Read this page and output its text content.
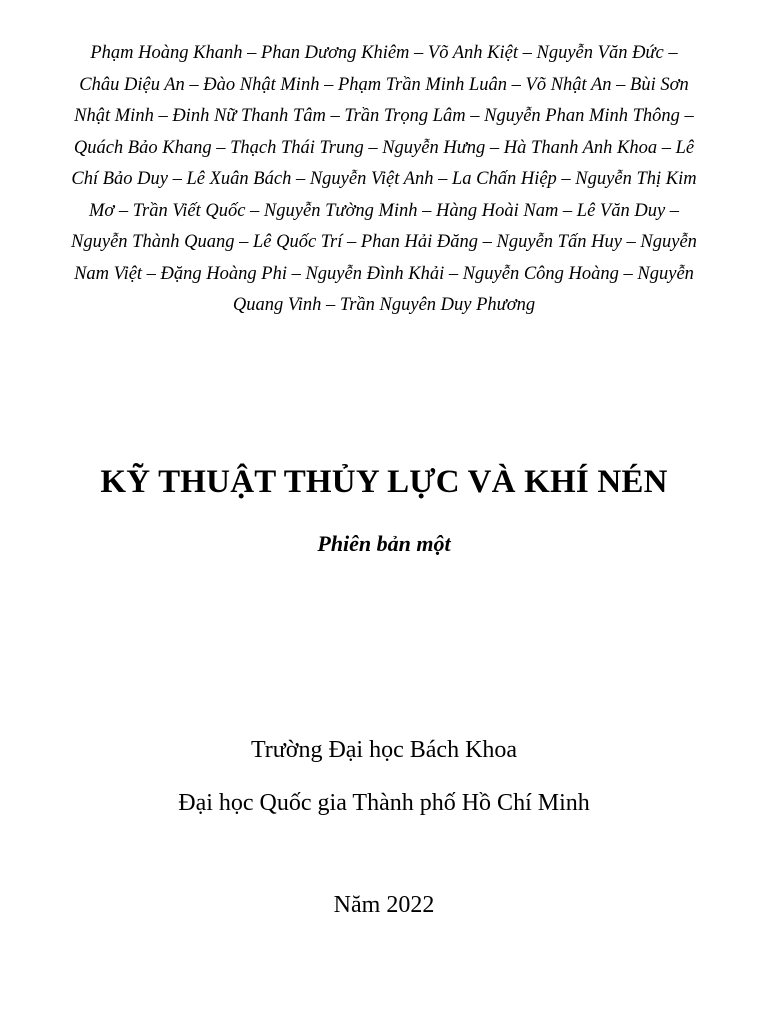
Phạm Hoàng Khanh – Phan Dương Khiêm – Võ Anh Kiệt – Nguyễn Văn Đức – Châu Diệu An – Đào Nhật Minh – Phạm Trần Minh Luân – Võ Nhật An – Bùi Sơn Nhật Minh – Đinh Nữ Thanh Tâm – Trần Trọng Lâm – Nguyễn Phan Minh Thông – Quách Bảo Khang – Thạch Thái Trung – Nguyễn Hưng – Hà Thanh Anh Khoa – Lê Chí Bảo Duy – Lê Xuân Bách – Nguyễn Việt Anh – La Chấn Hiệp – Nguyễn Thị Kim Mơ – Trần Viết Quốc – Nguyễn Tường Minh – Hàng Hoài Nam – Lê Văn Duy – Nguyễn Thành Quang – Lê Quốc Trí – Phan Hải Đăng – Nguyễn Tấn Huy – Nguyễn Nam Việt – Đặng Hoàng Phi – Nguyễn Đình Khải – Nguyễn Công Hoàng – Nguyễn Quang Vinh – Trần Nguyên Duy Phương

KỸ THUẬT THỦY LỰC VÀ KHÍ NÉN

Phiên bản một

Trường Đại học Bách Khoa

Đại học Quốc gia Thành phố Hồ Chí Minh

Năm 2022
